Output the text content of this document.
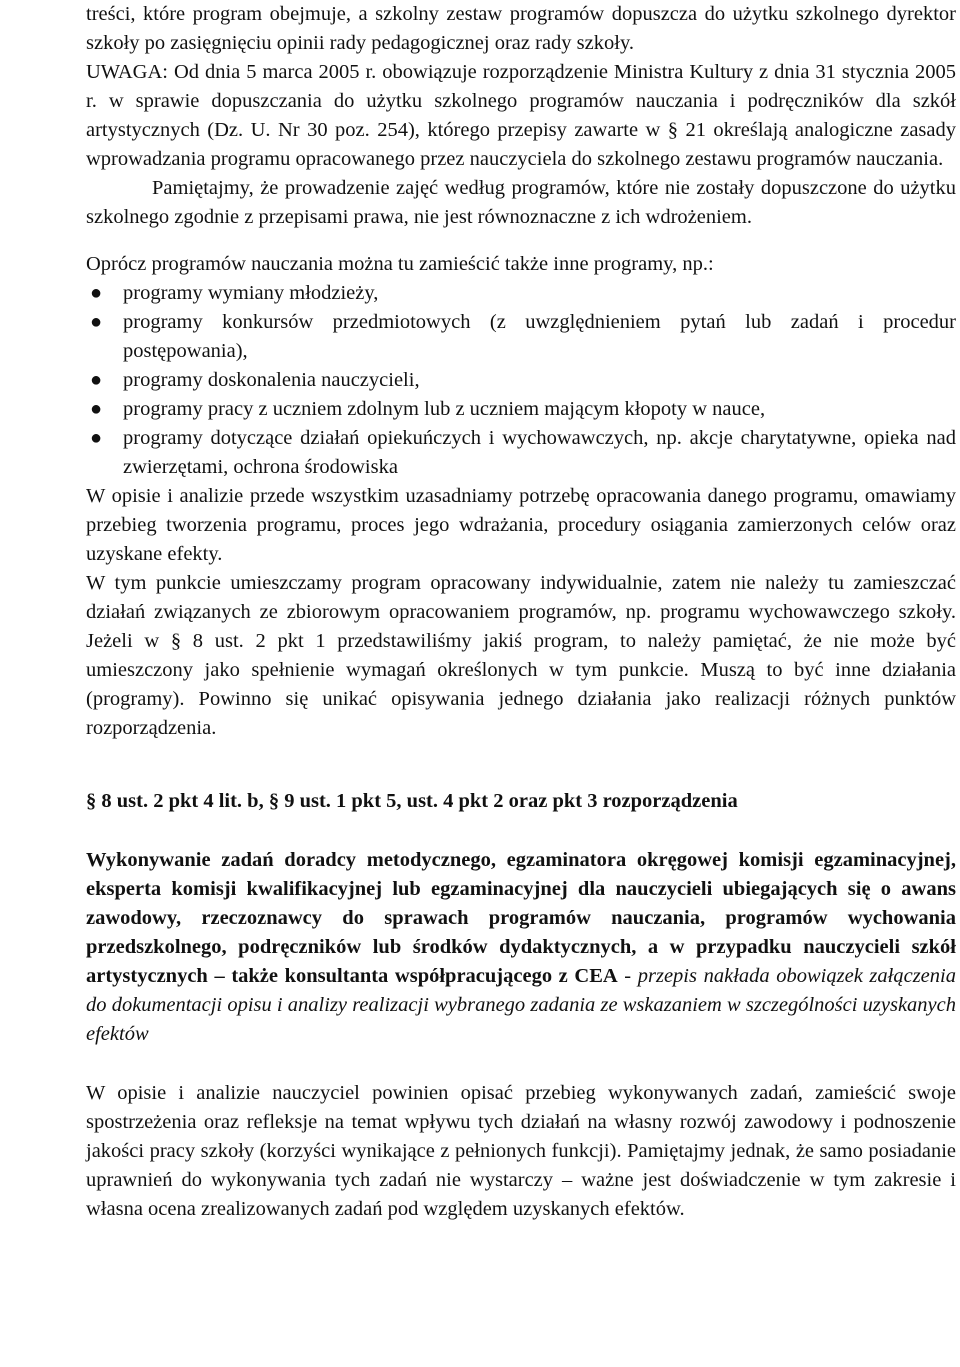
treści, które program obejmuje, a szkolny zestaw programów dopuszcza do użytku szkolnego dyrektor szkoły po zasięgnięciu opinii rady pedagogicznej oraz rady szkoły.

UWAGA: Od dnia 5 marca 2005 r. obowiązuje rozporządzenie Ministra Kultury z dnia 31 stycznia 2005 r. w sprawie dopuszczania do użytku szkolnego programów nauczania i podręczników dla szkół artystycznych (Dz. U. Nr 30 poz. 254), którego przepisy zawarte w § 21 określają analogiczne zasady wprowadzania programu opracowanego przez nauczyciela do szkolnego zestawu programów nauczania.

Pamiętajmy, że prowadzenie zajęć według programów, które nie zostały dopuszczone do użytku szkolnego zgodnie z przepisami prawa, nie jest równoznaczne z ich wdrożeniem.

Oprócz programów nauczania można tu zamieścić także inne programy, np.:

● programy wymiany młodzieży,
● programy konkursów przedmiotowych (z uwzględnieniem pytań lub zadań i procedur postępowania),
● programy doskonalenia nauczycieli,
● programy pracy z uczniem zdolnym lub z uczniem mającym kłopoty w nauce,
● programy dotyczące działań opiekuńczych i wychowawczych, np. akcje charytatywne, opieka nad zwierzętami, ochrona środowiska

W opisie i analizie przede wszystkim uzasadniamy potrzebę opracowania danego programu, omawiamy przebieg tworzenia programu, proces jego wdrażania, procedury osiągania zamierzonych celów oraz uzyskane efekty.

W tym punkcie umieszczamy program opracowany indywidualnie, zatem nie należy tu zamieszczać działań związanych ze zbiorowym opracowaniem programów, np. programu wychowawczego szkoły. Jeżeli w § 8 ust. 2 pkt 1 przedstawiliśmy jakiś program, to należy pamiętać, że nie może być umieszczony jako spełnienie wymagań określonych w tym punkcie. Muszą to być inne działania (programy). Powinno się unikać opisywania jednego działania jako realizacji różnych punktów rozporządzenia.

§ 8 ust. 2 pkt 4 lit. b, § 9 ust. 1 pkt 5, ust. 4 pkt 2 oraz pkt 3 rozporządzenia

Wykonywanie zadań doradcy metodycznego, egzaminatora okręgowej komisji egzaminacyjnej, eksperta komisji kwalifikacyjnej lub egzaminacyjnej dla nauczycieli ubiegających się o awans zawodowy, rzeczoznawcy do sprawach programów nauczania, programów wychowania przedszkolnego, podręczników lub środków dydaktycznych, a w przypadku nauczycieli szkół artystycznych – także konsultanta współpracującego z CEA - przepis nakłada obowiązek załączenia do dokumentacji opisu i analizy realizacji wybranego zadania ze wskazaniem w szczególności uzyskanych efektów

W opisie i analizie nauczyciel powinien opisać przebieg wykonywanych zadań, zamieścić swoje spostrzeżenia oraz refleksje na temat wpływu tych działań na własny rozwój zawodowy i podnoszenie jakości pracy szkoły (korzyści wynikające z pełnionych funkcji). Pamiętajmy jednak, że samo posiadanie uprawnień do wykonywania tych zadań nie wystarczy – ważne jest doświadczenie w tym zakresie i własna ocena zrealizowanych zadań pod względem uzyskanych efektów.
